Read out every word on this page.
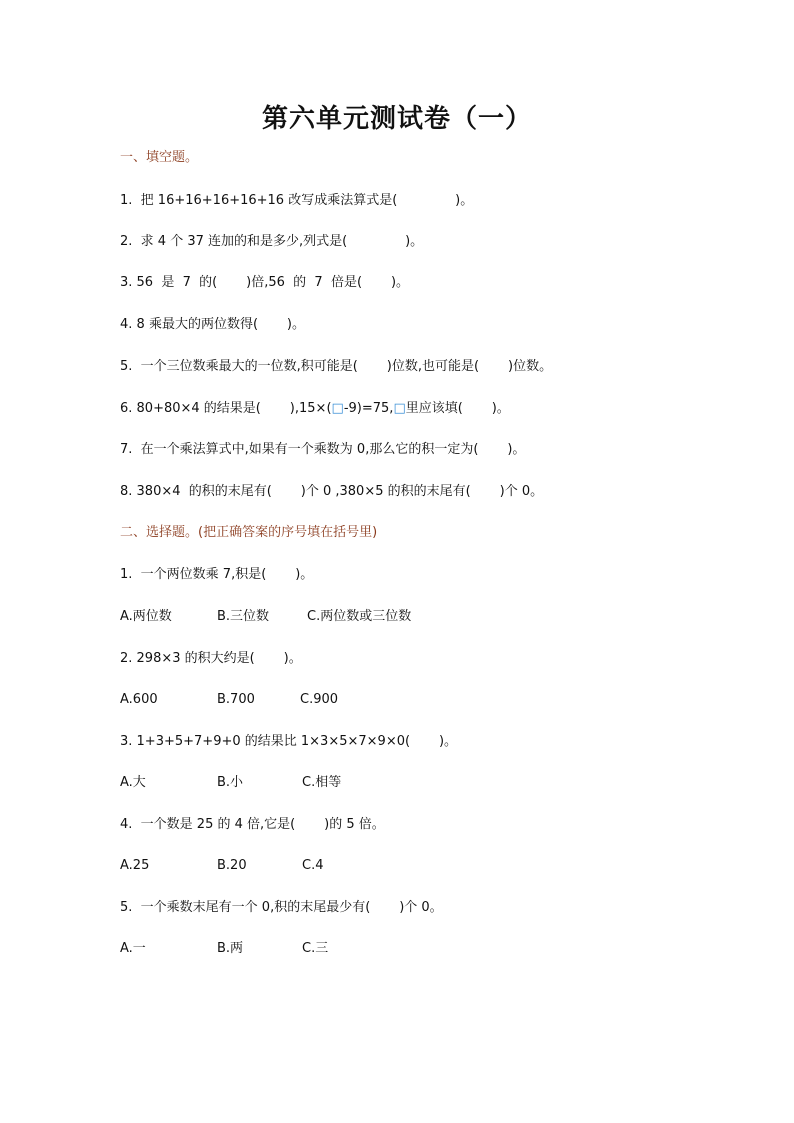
第六单元测试卷（一）
一、填空题。
1.  把 16+16+16+16+16 改写成乘法算式是(              )。
2.  求 4 个 37 连加的和是多少,列式是(              )。
3. 56  是  7  的(       )倍,56  的  7  倍是(       )。
4. 8 乘最大的两位数得(       )。
5.  一个三位数乘最大的一位数,积可能是(       )位数,也可能是(       )位数。
6. 80+80×4 的结果是(       ),15×(□-9)=75,□里应该填(       )。
7.  在一个乘法算式中,如果有一个乘数为 0,那么它的积一定为(       )。
8. 380×4  的积的末尾有(       )个 0 ,380×5 的积的末尾有(       )个 0。
二、选择题。(把正确答案的序号填在括号里)
1.  一个两位数乘 7,积是(       )。
A.两位数	B.三位数	C.两位数或三位数
2. 298×3 的积大约是(       )。
A.600	B.700	C.900
3. 1+3+5+7+9+0 的结果比 1×3×5×7×9×0(       )。
A.大	B.小	C.相等
4.  一个数是 25 的 4 倍,它是(       )的 5 倍。
A.25	B.20	C.4
5.  一个乘数末尾有一个 0,积的末尾最少有(       )个 0。
A.一	B.两	C.三
